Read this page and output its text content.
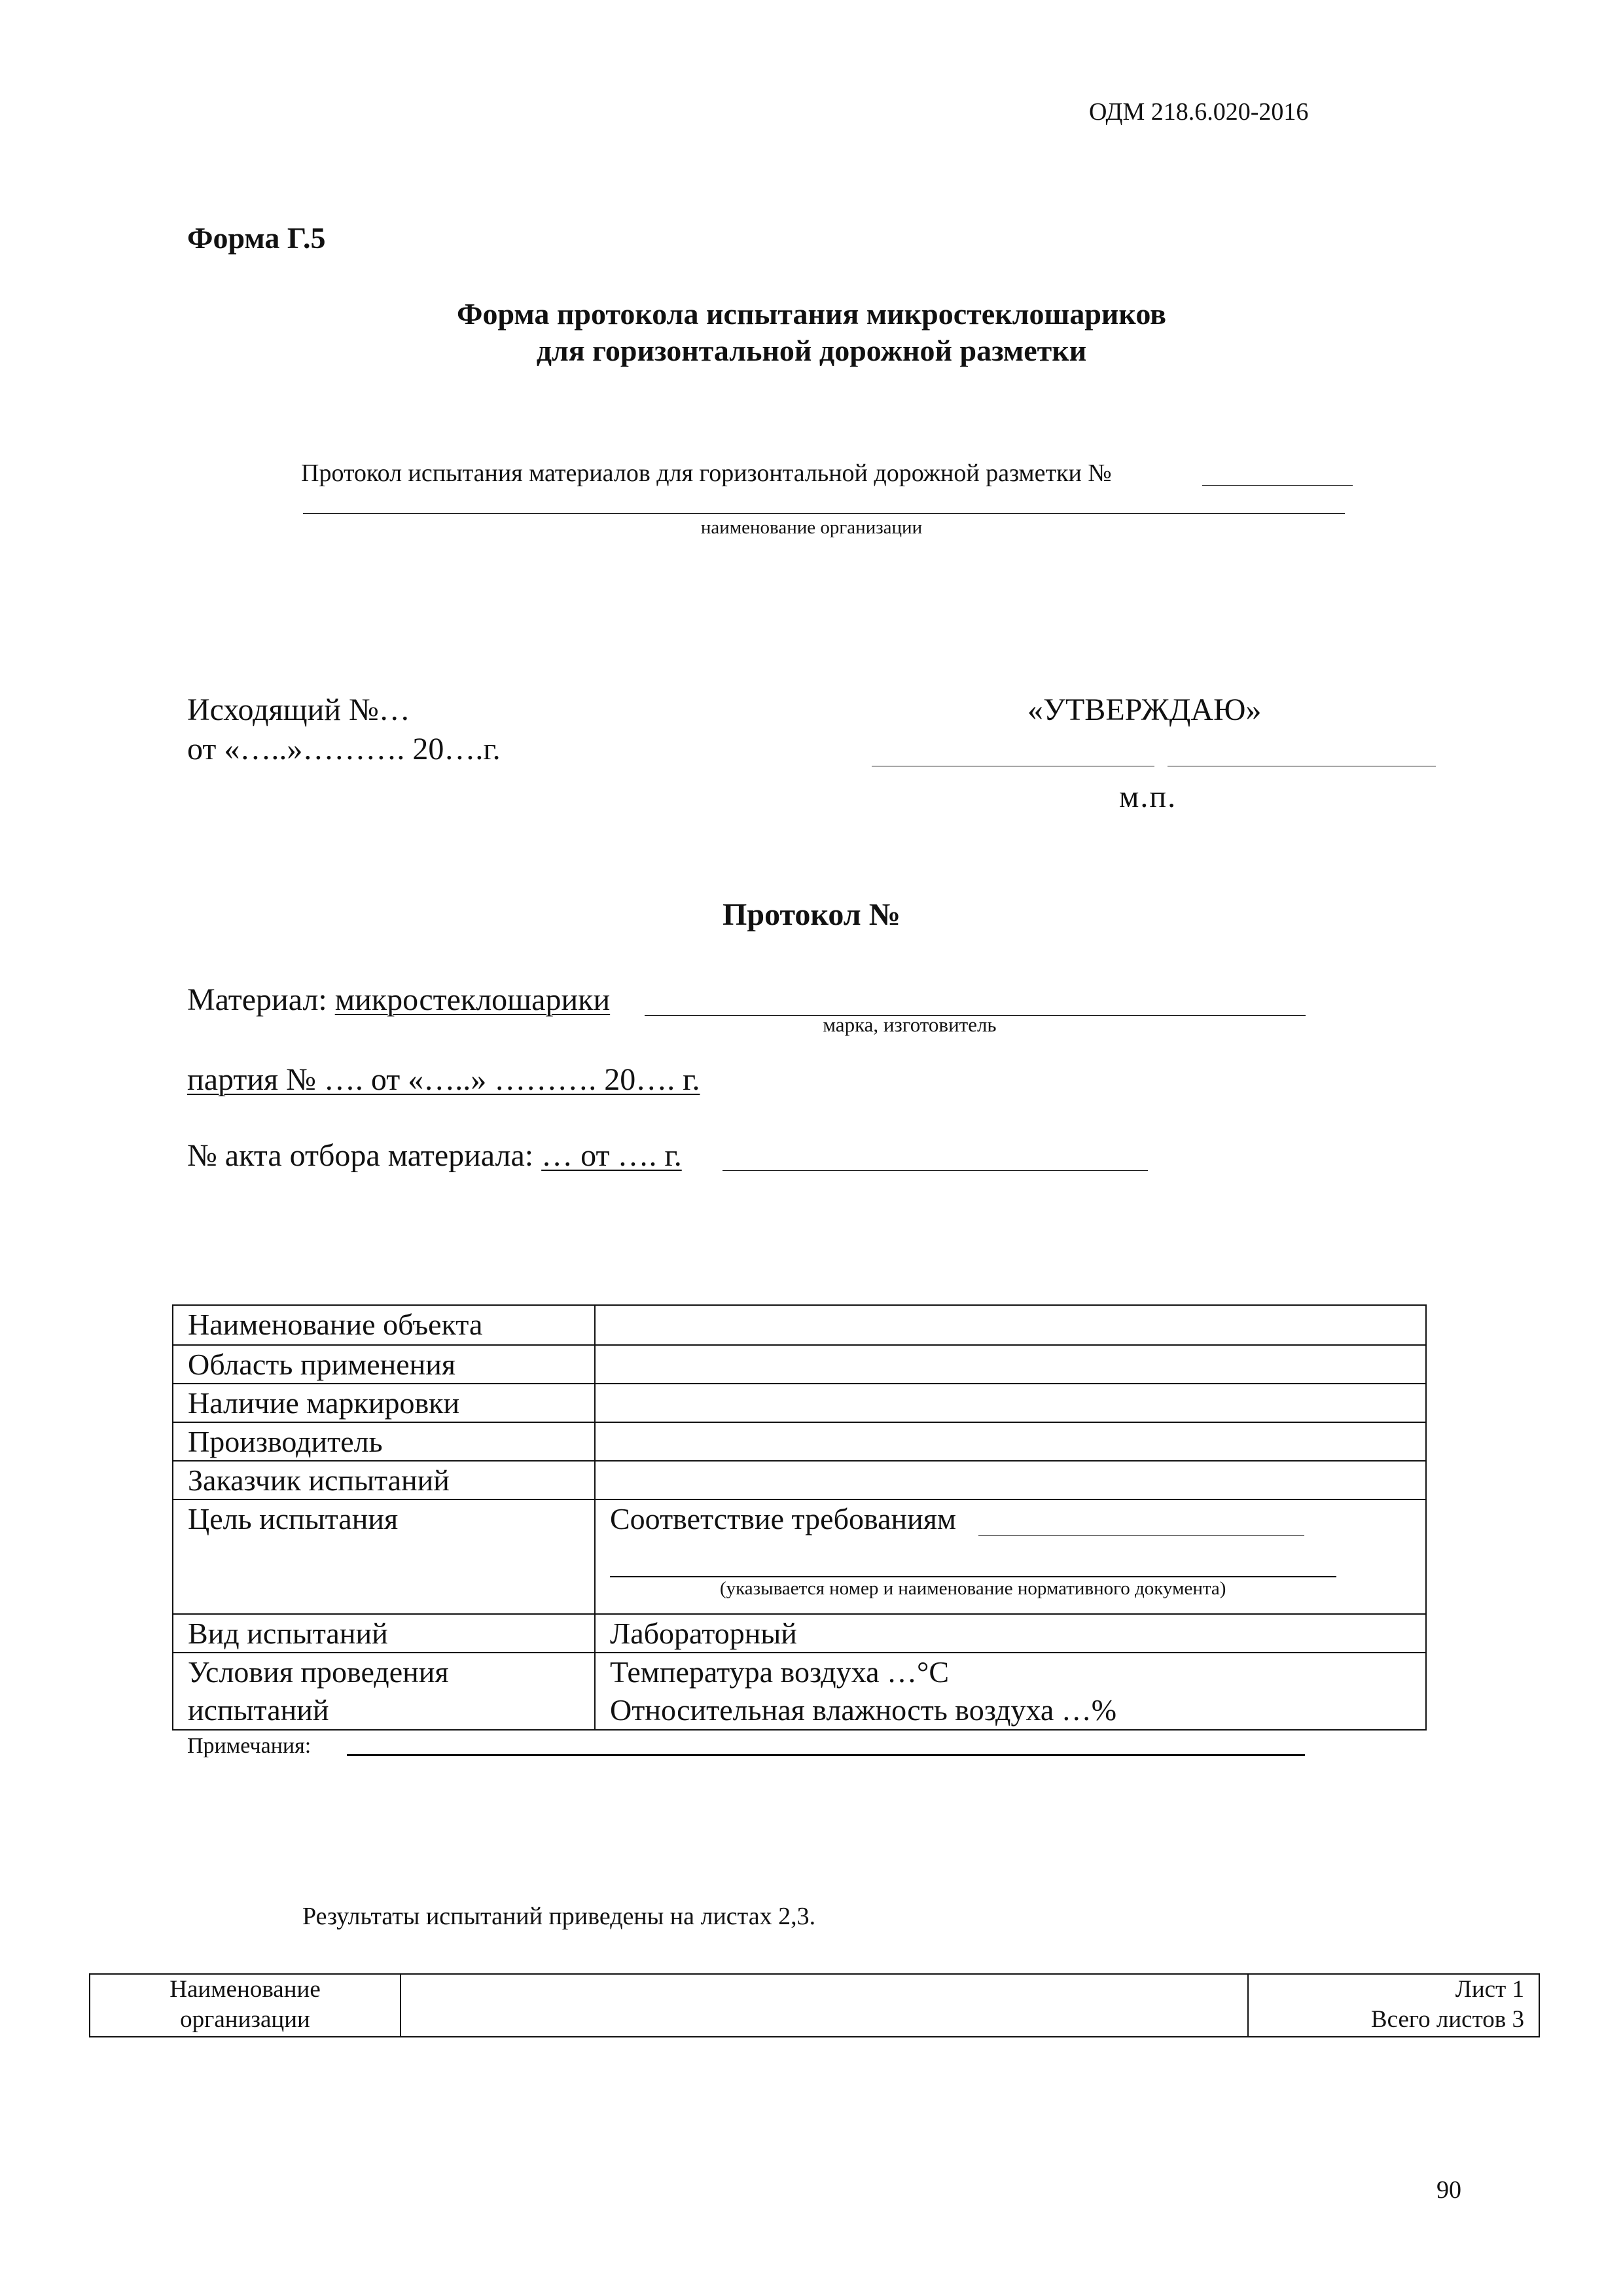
ОДМ 218.6.020-2016
Форма Г.5
Форма протокола испытания микростеклошариков
для горизонтальной дорожной разметки
Протокол испытания материалов для горизонтальной дорожной разметки №
наименование организации
Исходящий №…
от «…..»………. 20….г.
«УТВЕРЖДАЮ»
м.п.
Протокол №
Материал: микростеклошарики
марка, изготовитель
партия № …. от «…..» ………. 20…. г.
№ акта отбора материала: … от …. г.
Наименование объекта
Область применения
Наличие маркировки
Производитель
Заказчик испытаний
Цель испытания	Соответствие требованиям
(указывается номер и наименование нормативного документа)
Вид испытаний	Лабораторный
Условия проведения
испытаний
Температура воздуха …°С
Относительная влажность воздуха …%
Примечания:
Результаты испытаний приведены на листах 2,3.
Наименование
организации
Лист 1
Всего листов 3
90
